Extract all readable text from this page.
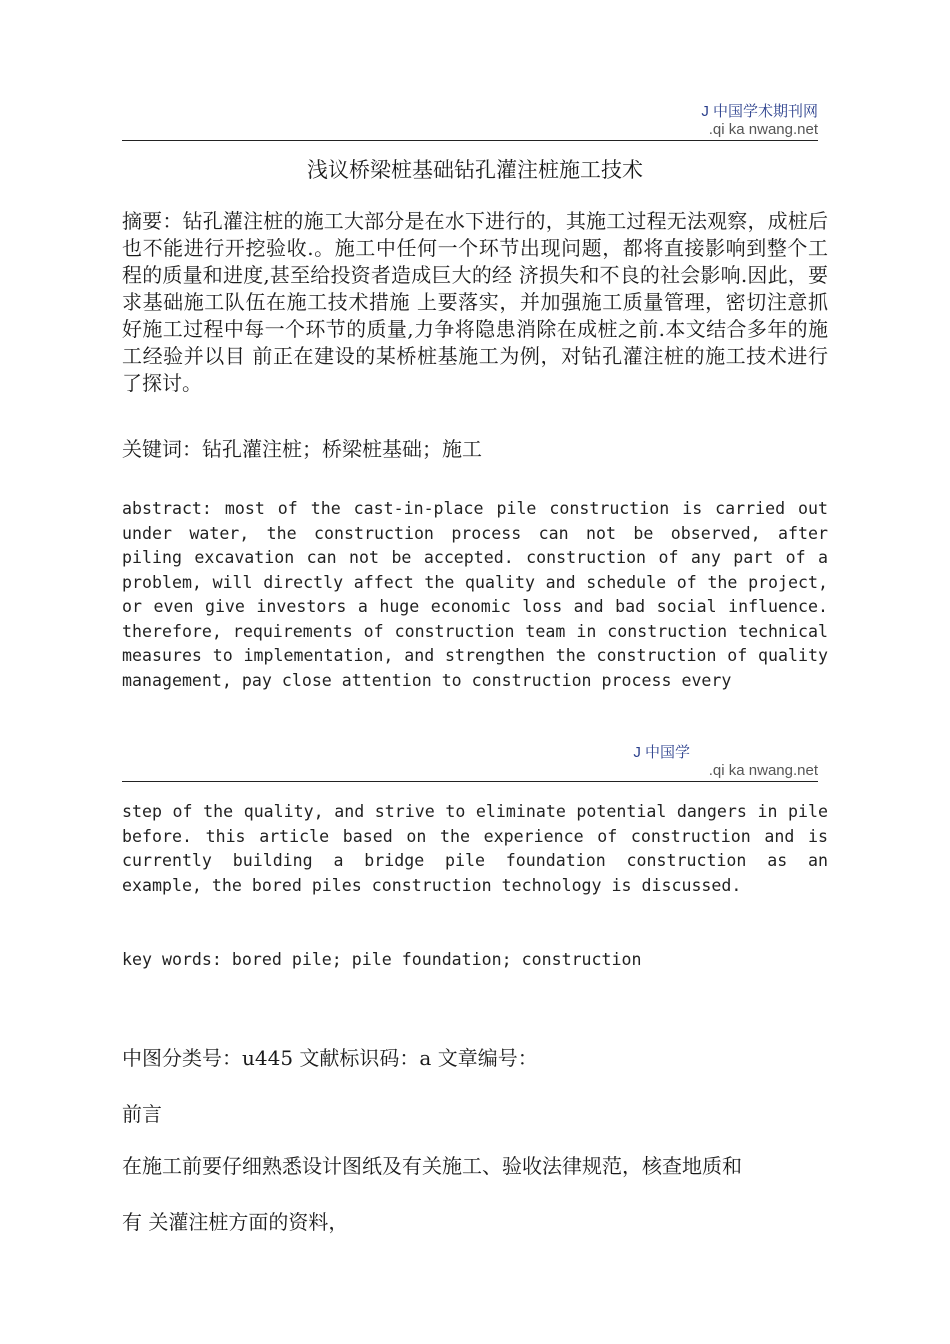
J 中国学术期刊网
.qi ka nwang.net
浅议桥梁桩基础钻孔灌注桩施工技术

摘要：钻孔灌注桩的施工大部分是在水下进行的，其施工过程无法观察，成桩后也不能进行开挖验收.。施工中任何一个环节出现问题，都将直接影响到整个工程的质量和进度,甚至给投资者造成巨大的经 济损失和不良的社会影响.因此，要求基础施工队伍在施工技术措施 上要落实，并加强施工质量管理，密切注意抓好施工过程中每一个环节的质量,力争将隐患消除在成桩之前.本文结合多年的施工经验并以目 前正在建设的某桥桩基施工为例，对钻孔灌注桩的施工技术进行了探讨。

关键词：钻孔灌注桩；桥梁桩基础；施工

abstract: most of the cast-in-place pile construction is carried out under water, the construction process can not be observed, after piling excavation can not be accepted. construction of any part of a problem, will directly affect the quality and schedule of the project, or even give investors a huge economic loss and bad social influence. therefore, requirements of construction team in construction technical measures to implementation, and strengthen the construction of quality management, pay close attention to construction process every

J 中国学
.qi ka nwang.net

step of the quality, and strive to eliminate potential dangers in pile before. this article based on the experience of construction and is currently building a bridge pile foundation construction as an example, the bored piles construction technology is discussed.

key words: bored pile; pile foundation; construction

中图分类号：u445 文献标识码：a 文章编号：

前言

在施工前要仔细熟悉设计图纸及有关施工、验收法律规范，核查地质和

有 关灌注桩方面的资料，
